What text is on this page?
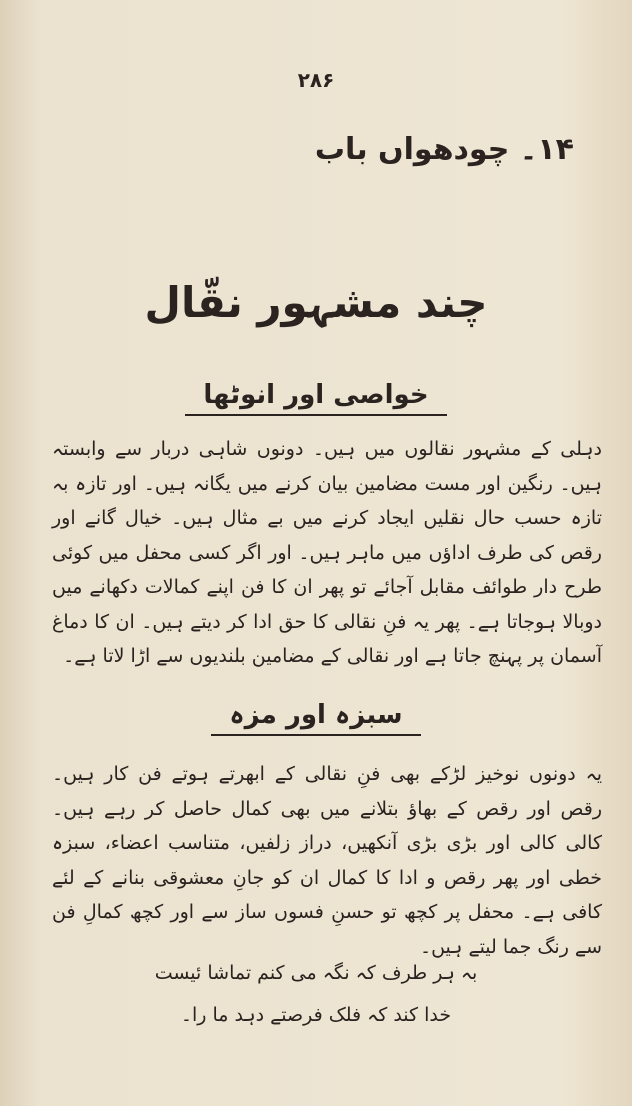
۲۸۶
۱۴۔ چودھواں باب
چند مشہور نقّال
خواصی اور انوٹھا
دہلی کے مشہور نقالوں میں ہیں۔ دونوں شاہی دربار سے وابستہ ہیں۔ رنگین اور مست مضامین بیان کرنے میں یگانہ ہیں۔ اور تازہ بہ تازہ حسب حال نقلیں ایجاد کرنے میں بے مثال ہیں۔ خیال گانے اور رقص کی طرف اداؤں میں ماہر ہیں۔ اور اگر کسی محفل میں کوئی طرح دار طوائف مقابل آجائے تو پھر ان کا فن اپنے کمالات دکھانے میں دوبالا ہوجاتا ہے۔ پھر یہ فنِ نقالی کا حق ادا کر دیتے ہیں۔ ان کا دماغ آسمان پر پہنچ جاتا ہے اور نقالی کے مضامین بلندیوں سے اڑا لاتا ہے۔
سبزہ اور مزہ
یہ دونوں نوخیز لڑکے بھی فنِ نقالی کے ابھرتے ہوتے فن کار ہیں۔ رقص اور رقص کے بھاؤ بتلانے میں بھی کمال حاصل کر رہے ہیں۔ کالی کالی اور بڑی بڑی آنکھیں، دراز زلفیں، متناسب اعضاء، سبزہ خطی اور پھر رقص و ادا کا کمال ان کو جانِ معشوقی بنانے کے لئے کافی ہے۔ محفل پر کچھ تو حسنِ فسوں ساز سے اور کچھ کمالِ فن سے رنگ جما لیتے ہیں۔
بہ ہر طرف کہ نگہ می کنم تماشا ئیست
خدا کند کہ فلک فرصتے دہد ما را۔
